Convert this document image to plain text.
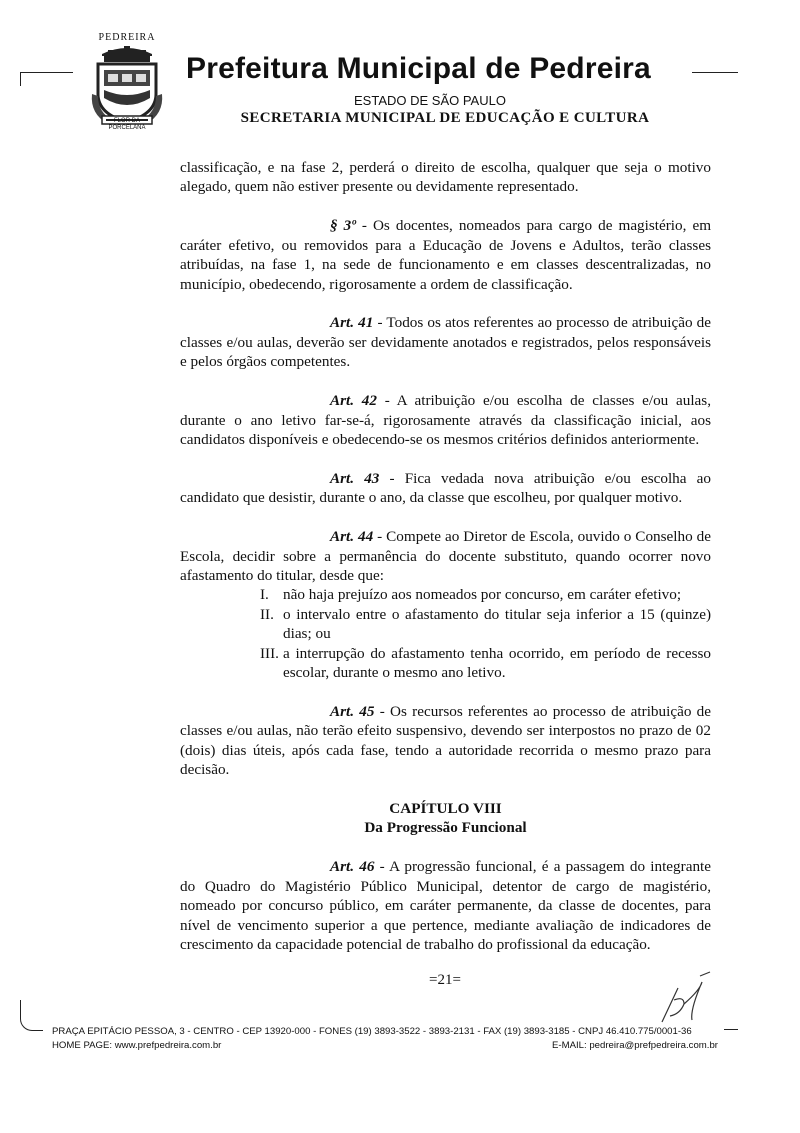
PEDREIRA
FLOR DA
PORCELANA
Prefeitura Municipal de Pedreira
ESTADO DE SÃO PAULO
SECRETARIA MUNICIPAL DE EDUCAÇÃO E CULTURA

classificação, e na fase 2, perderá o direito de escolha, qualquer que seja o motivo alegado, quem não estiver presente ou devidamente representado.

§ 3º - Os docentes, nomeados para cargo de magistério, em caráter efetivo, ou removidos para a Educação de Jovens e Adultos, terão classes atribuídas, na fase 1, na sede de funcionamento e em classes descentralizadas, no município, obedecendo, rigorosamente a ordem de classificação.

Art. 41 - Todos os atos referentes ao processo de atribuição de classes e/ou aulas, deverão ser devidamente anotados e registrados, pelos responsáveis e pelos órgãos competentes.

Art. 42 - A atribuição e/ou escolha de classes e/ou aulas, durante o ano letivo far-se-á, rigorosamente através da classificação inicial, aos candidatos disponíveis e obedecendo-se os mesmos critérios definidos anteriormente.

Art. 43 - Fica vedada nova atribuição e/ou escolha ao candidato que desistir, durante o ano, da classe que escolheu, por qualquer motivo.

Art. 44 - Compete ao Diretor de Escola, ouvido o Conselho de Escola, decidir sobre a permanência do docente substituto, quando ocorrer novo afastamento do titular, desde que:

I. não haja prejuízo aos nomeados por concurso, em caráter efetivo;
II. o intervalo entre o afastamento do titular seja inferior a 15 (quinze) dias; ou
III. a interrupção do afastamento tenha ocorrido, em período de recesso escolar, durante o mesmo ano letivo.

Art. 45 - Os recursos referentes ao processo de atribuição de classes e/ou aulas, não terão efeito suspensivo, devendo ser interpostos no prazo de 02 (dois) dias úteis, após cada fase, tendo a autoridade recorrida o mesmo prazo para decisão.

CAPÍTULO VIII

Da Progressão Funcional

Art. 46 - A progressão funcional, é a passagem do integrante do Quadro do Magistério Público Municipal, detentor de cargo de magistério, nomeado por concurso público, em caráter permanente, da classe de docentes, para nível de vencimento superior a que pertence, mediante avaliação de indicadores de crescimento da capacidade potencial de trabalho do profissional da educação.

=21=
PRAÇA EPITÁCIO PESSOA, 3 - CENTRO - CEP 13920-000 - FONES (19) 3893-3522 - 3893-2131 - FAX (19) 3893-3185 - CNPJ 46.410.775/0001-36
HOME PAGE: www.prefpedreira.com.br	E-MAIL: pedreira@prefpedreira.com.br
